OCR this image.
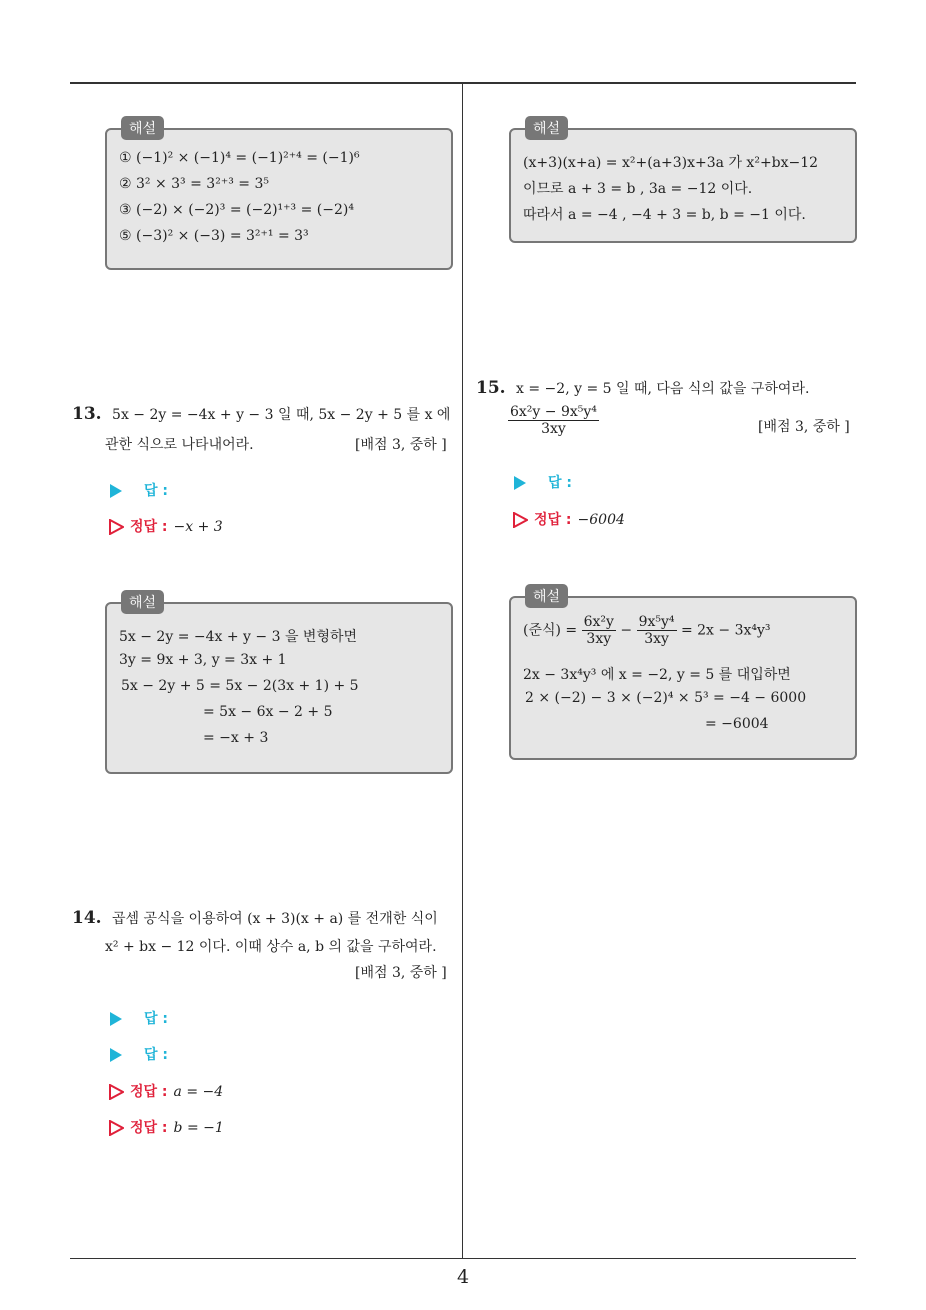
해설
① (−1)² × (−1)⁴ = (−1)²⁺⁴ = (−1)⁶
② 3² × 3³ = 3²⁺³ = 3⁵
③ (−2) × (−2)³ = (−2)¹⁺³ = (−2)⁴
⑤ (−3)² × (−3) = 3²⁺¹ = 3³
13. 5x − 2y = −4x + y − 3 일 때, 5x − 2y + 5 를 x 에
관한 식으로 나타내어라.	[배점 3, 중하 ]
답 :
정답 : −x + 3
해설
5x − 2y = −4x + y − 3 을 변형하면
3y = 9x + 3, y = 3x + 1
5x − 2y + 5 = 5x − 2(3x + 1) + 5
= 5x − 6x − 2 + 5
= −x + 3
14. 곱셈 공식을 이용하여 (x + 3)(x + a) 를 전개한 식이
x² + bx − 12 이다. 이때 상수 a, b 의 값을 구하여라.
[배점 3, 중하 ]
답 :
답 :
정답 : a = −4
정답 : b = −1
해설
(x+3)(x+a) = x²+(a+3)x+3a 가 x²+bx−12
이므로 a + 3 = b , 3a = −12 이다.
따라서 a = −4 , −4 + 3 = b, b = −1 이다.
15. x = −2, y = 5 일 때, 다음 식의 값을 구하여라.
$\frac{\text{6x²y − 9x⁵y⁴}}{3xy}$	[배점 3, 중하 ]
답 :
정답 : −6004
해설
(준식) = $\frac{\text{6x²y}}{3xy} - \frac{\text{9x⁵y⁴}}{3xy} = 2x - 3x^4y^3$
2x − 3x⁴y³ 에 x = −2, y = 5 를 대입하면
2 × (−2) − 3 × (−2)⁴ × 5³ = −4 − 6000
= −6004
4
